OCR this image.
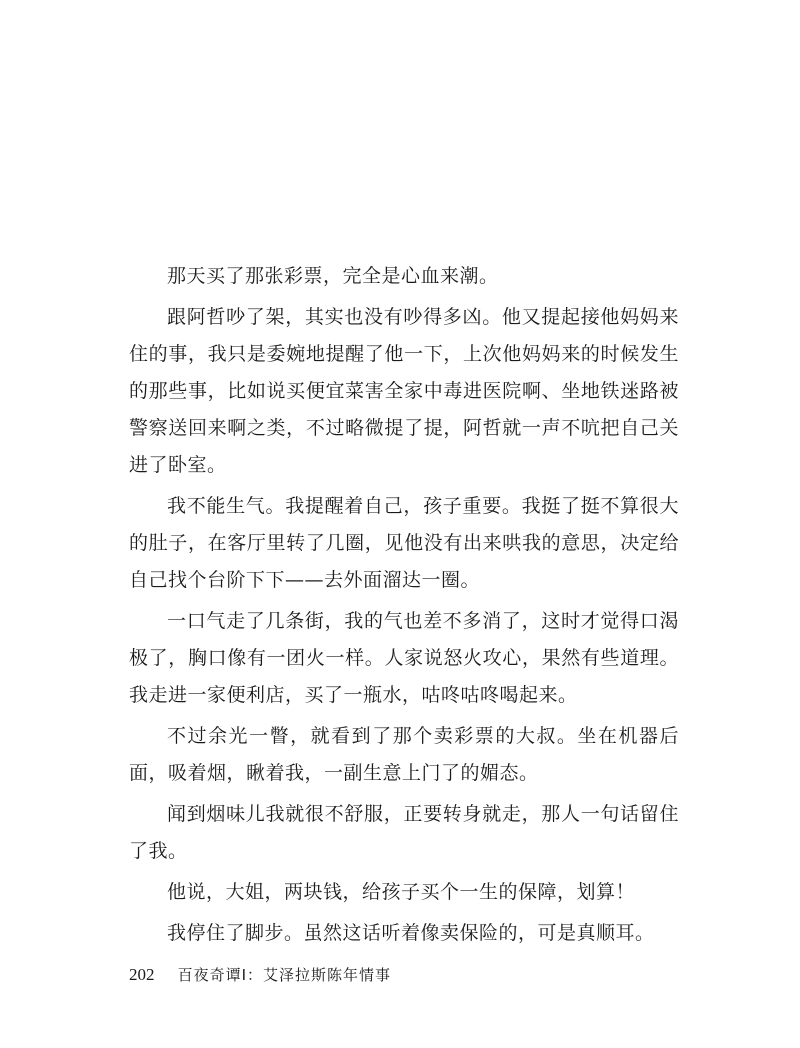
那天买了那张彩票，完全是心血来潮。

跟阿哲吵了架，其实也没有吵得多凶。他又提起接他妈妈来住的事，我只是委婉地提醒了他一下，上次他妈妈来的时候发生的那些事，比如说买便宜菜害全家中毒进医院啊、坐地铁迷路被警察送回来啊之类，不过略微提了提，阿哲就一声不吭把自己关进了卧室。

我不能生气。我提醒着自己，孩子重要。我挺了挺不算很大的肚子，在客厅里转了几圈，见他没有出来哄我的意思，决定给自己找个台阶下下——去外面溜达一圈。

一口气走了几条街，我的气也差不多消了，这时才觉得口渴极了，胸口像有一团火一样。人家说怒火攻心，果然有些道理。我走进一家便利店，买了一瓶水，咕咚咕咚喝起来。

不过余光一瞥，就看到了那个卖彩票的大叔。坐在机器后面，吸着烟，瞅着我，一副生意上门了的媚态。

闻到烟味儿我就很不舒服，正要转身就走，那人一句话留住了我。

他说，大姐，两块钱，给孩子买个一生的保障，划算！

我停住了脚步。虽然这话听着像卖保险的，可是真顺耳。

202 百夜奇谭Ⅰ：艾泽拉斯陈年情事
